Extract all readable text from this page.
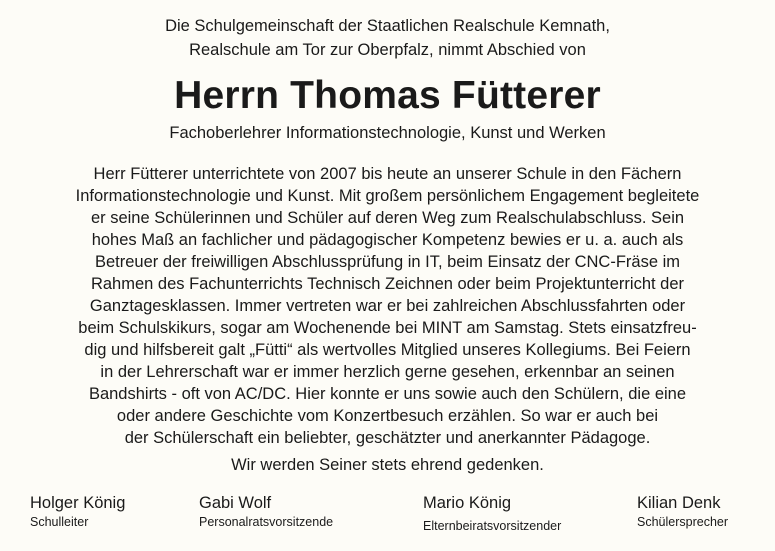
Die Schulgemeinschaft der Staatlichen Realschule Kemnath,
Realschule am Tor zur Oberpfalz, nimmt Abschied von
Herrn Thomas Fütterer
Fachoberlehrer Informationstechnologie, Kunst und Werken
Herr Fütterer unterrichtete von 2007 bis heute an unserer Schule in den Fächern
Informationstechnologie und Kunst. Mit großem persönlichem Engagement begleitete
er seine Schülerinnen und Schüler auf deren Weg zum Realschulabschluss. Sein
hohes Maß an fachlicher und pädagogischer Kompetenz bewies er u. a. auch als
Betreuer der freiwilligen Abschlussprüfung in IT, beim Einsatz der CNC-Fräse im
Rahmen des Fachunterrichts Technisch Zeichnen oder beim Projektunterricht der
Ganztagesklassen. Immer vertreten war er bei zahlreichen Abschlussfahrten oder
beim Schulskikurs, sogar am Wochenende bei MINT am Samstag. Stets einsatzfreu-
dig und hilfsbereit galt „Fütti“ als wertvolles Mitglied unseres Kollegiums. Bei Feiern
in der Lehrerschaft war er immer herzlich gerne gesehen, erkennbar an seinen
Bandshirts - oft von AC/DC. Hier konnte er uns sowie auch den Schülern, die eine
oder andere Geschichte vom Konzertbesuch erzählen. So war er auch bei
der Schülerschaft ein beliebter, geschätzter und anerkannter Pädagoge.
Wir werden Seiner stets ehrend gedenken.
Holger König
Schulleiter
Gabi Wolf
Personalratsvorsitzende
Mario König
Elternbeiratsvorsitzender
Kilian Denk
Schülersprecher
